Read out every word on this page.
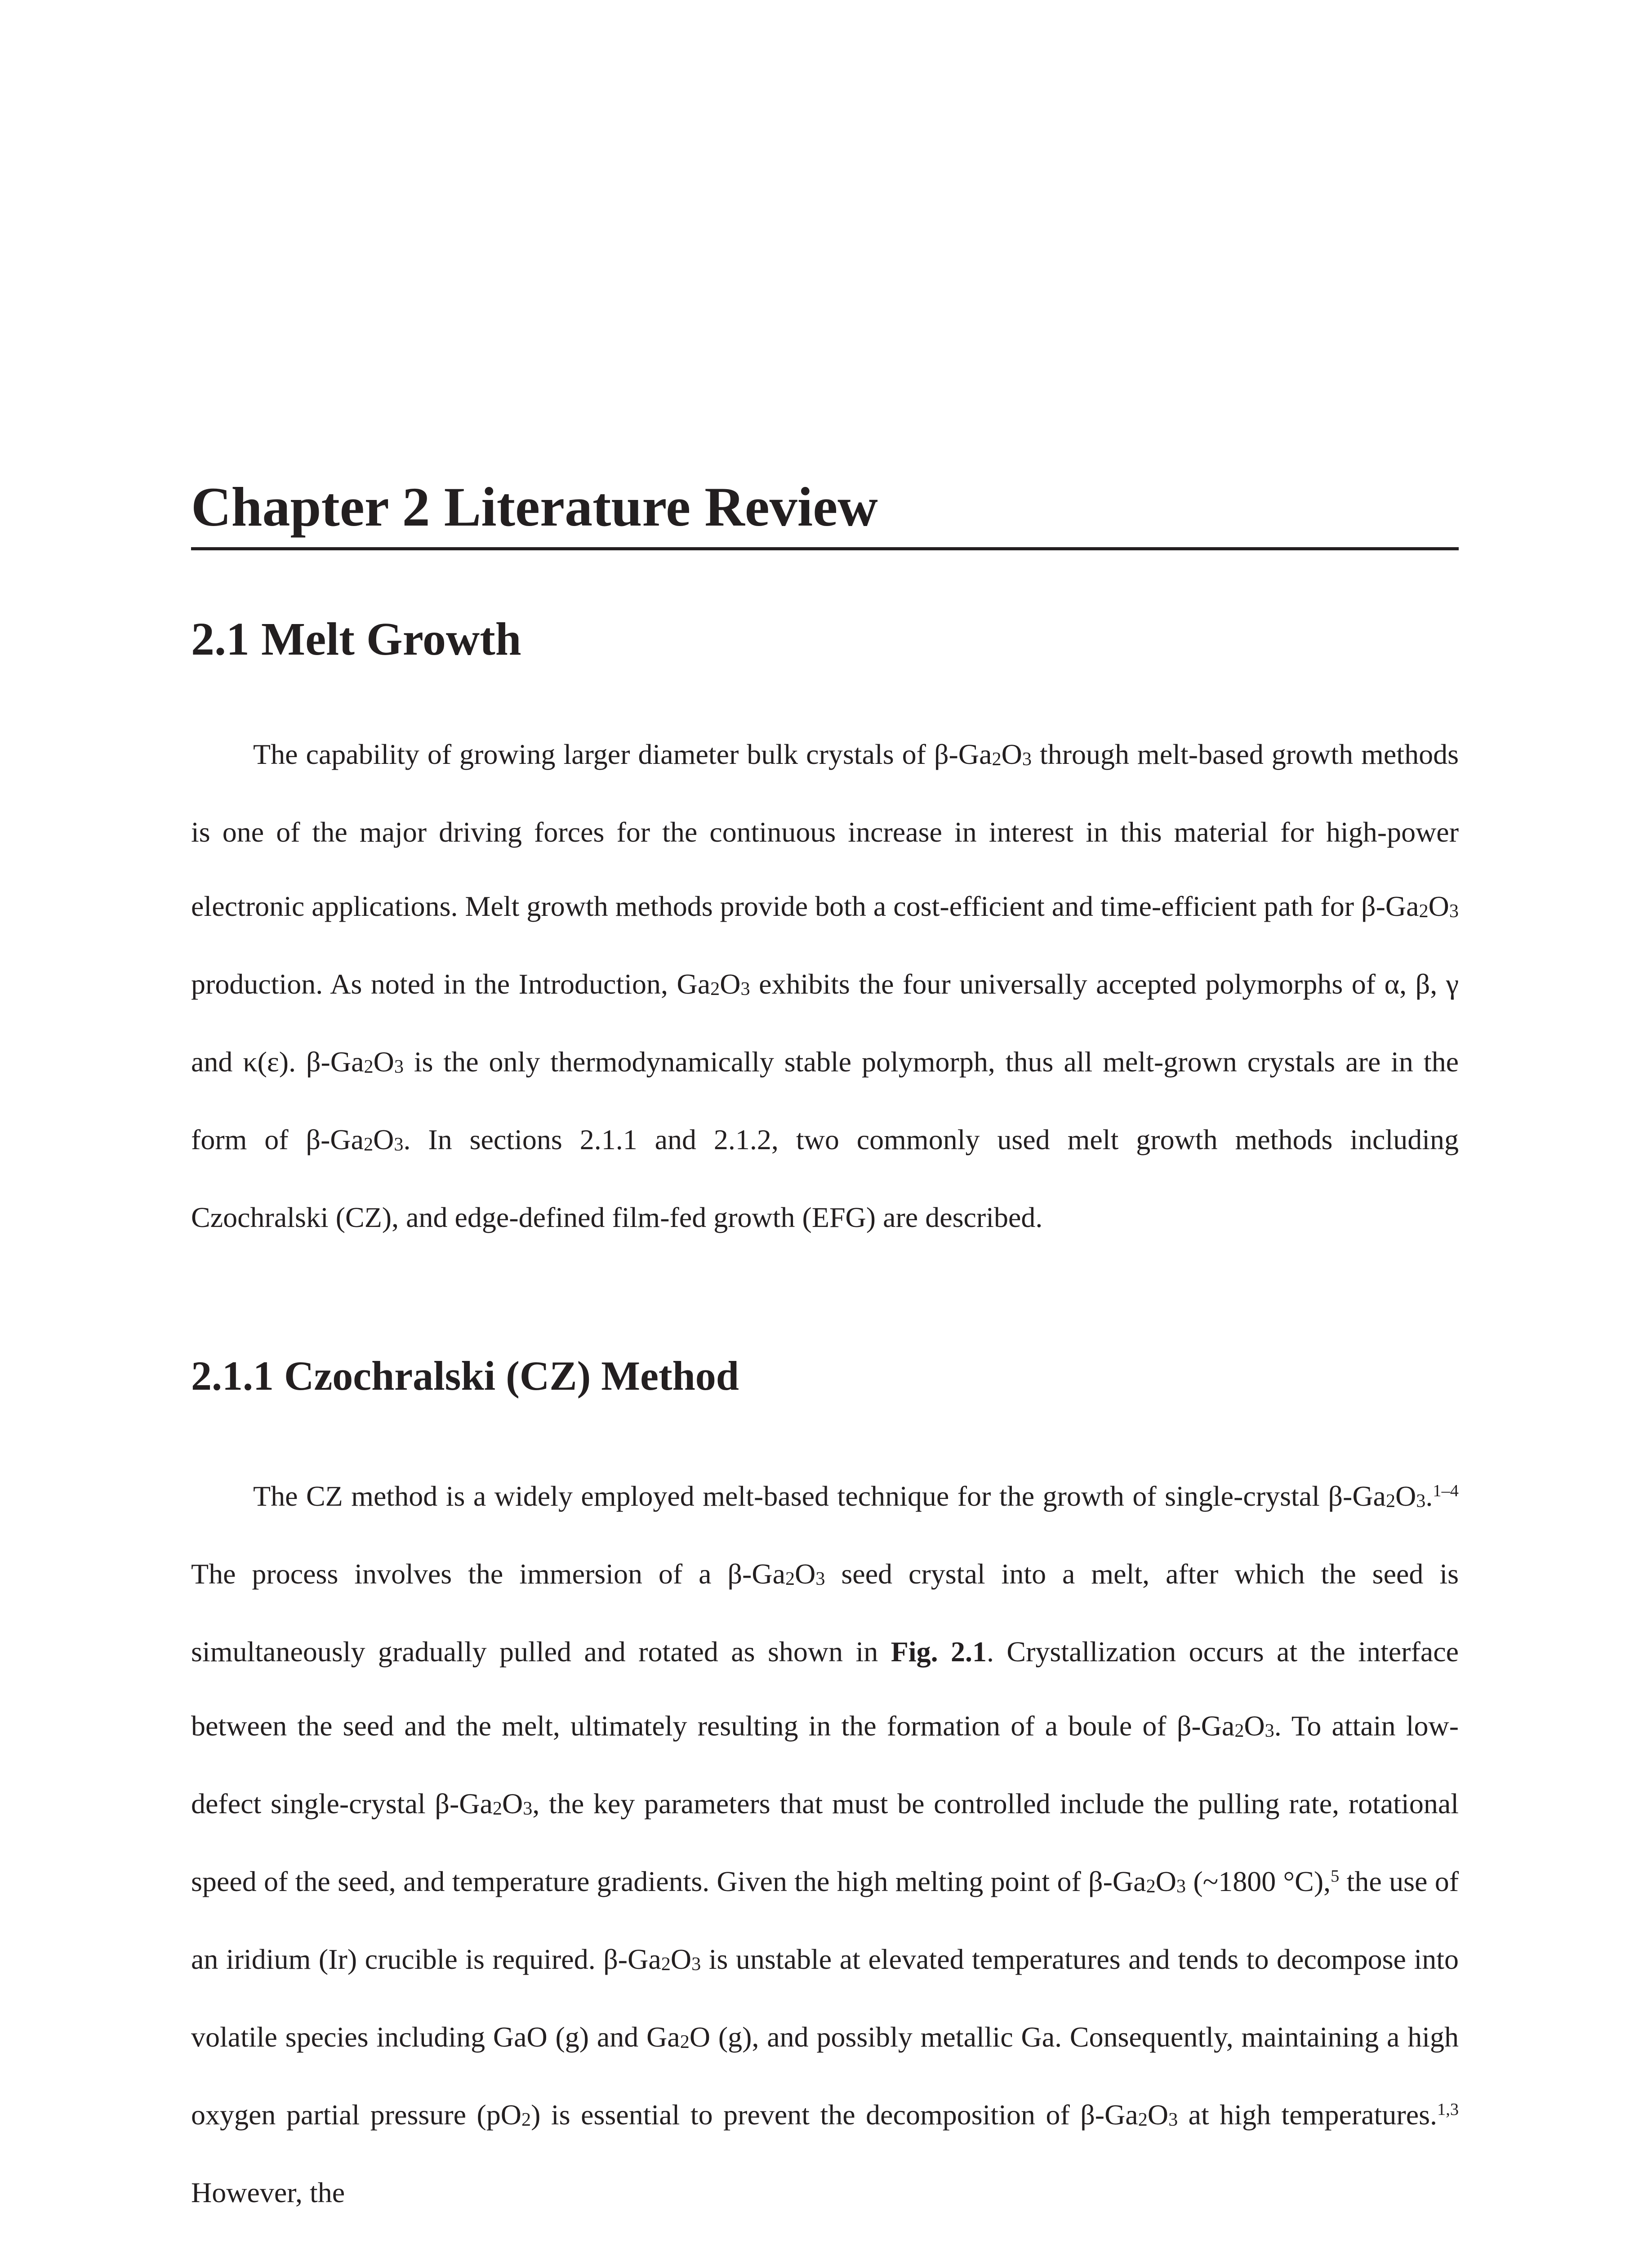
Chapter 2 Literature Review
2.1 Melt Growth

The capability of growing larger diameter bulk crystals of $\beta-Ga_2O_3$ through melt-based growth methods is one of the major driving forces for the continuous increase in interest in this material for high-power electronic applications. Melt growth methods provide both a cost-efficient and time-efficient path for $\beta-Ga_2O_3$ production. As noted in the Introduction, $Ga_2O_3$ exhibits the four universally accepted polymorphs of α, β, γ and κ(ε). $\beta-Ga_2O_3$ is the only thermodynamically stable polymorph, thus all melt-grown crystals are in the form of $\beta-Ga_2O_3$. In sections 2.1.1 and 2.1.2, two commonly used melt growth methods including Czochralski (CZ), and edge-defined film-fed growth (EFG) are described.

2.1.1 Czochralski (CZ) Method

The CZ method is a widely employed melt-based technique for the growth of single-crystal $\beta-Ga_2O_3.^{1-4}$ The process involves the immersion of a $\beta-Ga_2O_3$ seed crystal into a melt, after which the seed is simultaneously gradually pulled and rotated as shown in Fig. 2.1. Crystallization occurs at the interface between the seed and the melt, ultimately resulting in the formation of a boule of $\beta-Ga_2O_3$. To attain low-defect single-crystal $\beta-Ga_2O_3$, the key parameters that must be controlled include the pulling rate, rotational speed of the seed, and temperature gradients. Given the high melting point of $\beta-Ga_2O_3$ (~1800 °C),$^5$ the use of an iridium (Ir) crucible is required. $\beta-Ga_2O_3$ is unstable at elevated temperatures and tends to decompose into volatile species including GaO (g) and $Ga_2O$ (g), and possibly metallic Ga. Consequently, maintaining a high oxygen partial pressure $(pO_2)$ is essential to prevent the decomposition of $\beta-Ga_2O_3$ at high temperatures.$^{1,3}$ However, the
